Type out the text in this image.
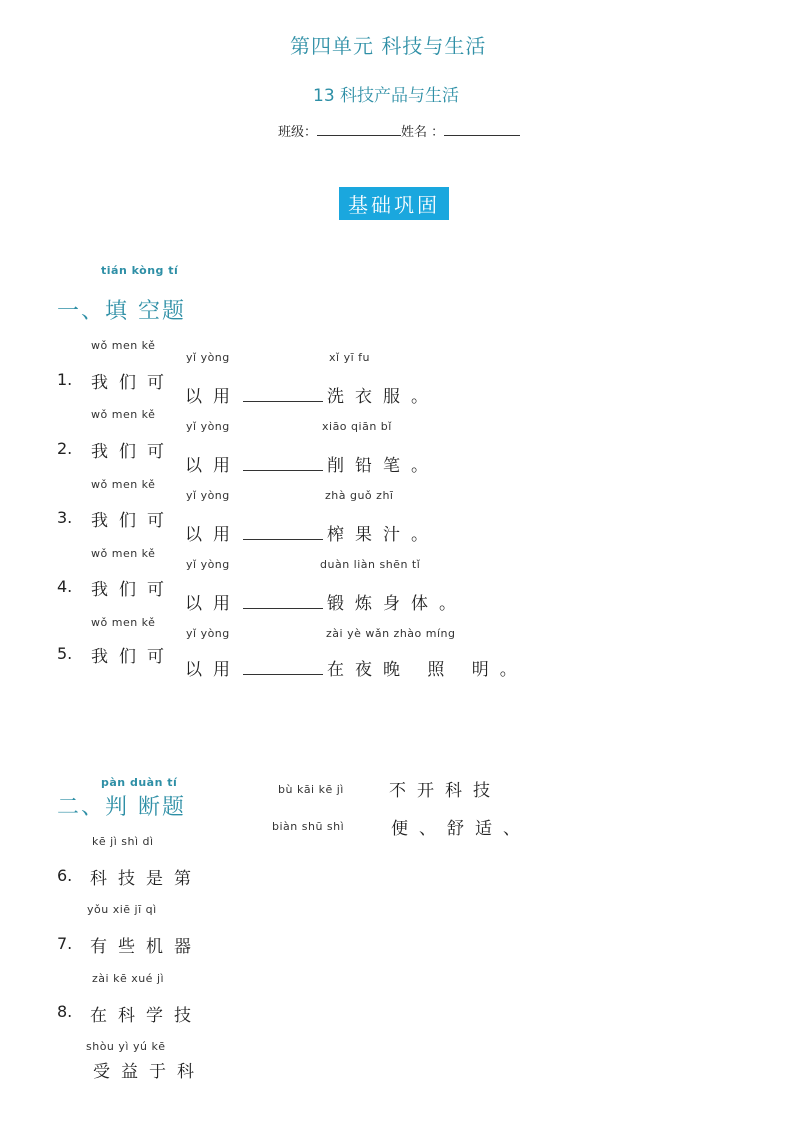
第四单元 科技与生活
13 科技产品与生活
班级：	姓名 ：
基础巩固
tián kòng tí
一、填 空题
wǒ men kě
yǐ yòng	xǐ yī fu
1. 我们可
以用	洗衣服。
wǒ men kě
yǐ yòng	xiāo qiān bǐ
2. 我们可
以用	削铅笔。
wǒ men kě
yǐ yòng	zhà guǒ zhī
3. 我们可
以用	榨果汁。
wǒ men kě
yǐ yòng	duàn liàn shēn tǐ
4. 我们可
以用	锻炼身体。
wǒ men kě
yǐ yòng	zài yè wǎn zhào míng
5. 我们可
以用	在夜晚 照 明。
pàn duàn tí
二、判 断题
bù kāi kē jì	不开科技
biàn shū shì	便、舒适、
kē jì shì dì
6. 科技是第
yǒu xiē jī qì
7. 有些机器
zài kē xué jì
8. 在科学技
shòu yì yú kē
受益于科
